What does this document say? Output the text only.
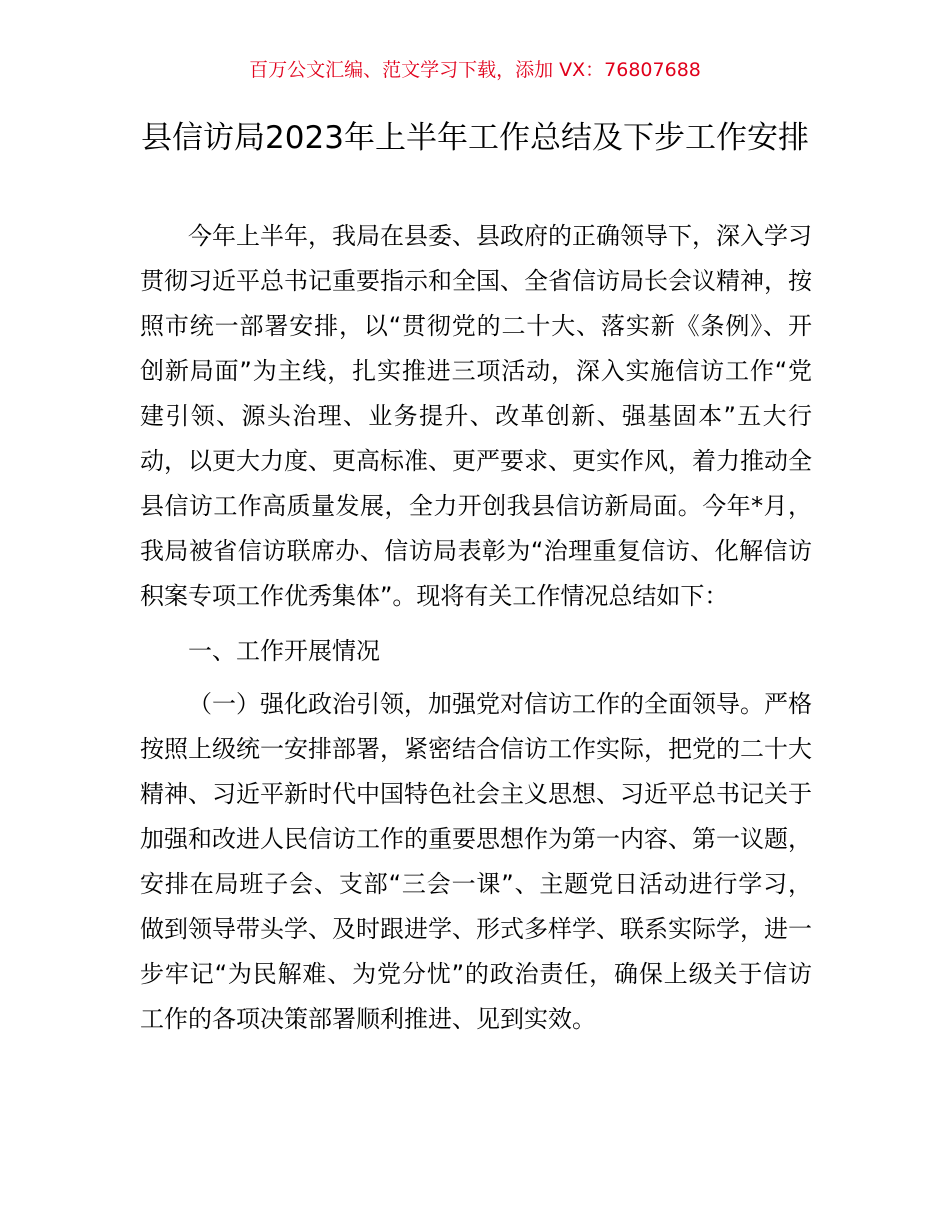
百万公文汇编、范文学习下载，添加 VX：76807688
县信访局2023年上半年工作总结及下步工作安排

今年上半年，我局在县委、县政府的正确领导下，深入学习贯彻习近平总书记重要指示和全国、全省信访局长会议精神，按照市统一部署安排，以“贯彻党的二十大、落实新《条例》、开创新局面”为主线，扎实推进三项活动，深入实施信访工作“党建引领、源头治理、业务提升、改革创新、强基固本”五大行动，以更大力度、更高标准、更严要求、更实作风，着力推动全县信访工作高质量发展，全力开创我县信访新局面。今年*月，我局被省信访联席办、信访局表彰为“治理重复信访、化解信访积案专项工作优秀集体”。现将有关工作情况总结如下：

一、工作开展情况

（一）强化政治引领，加强党对信访工作的全面领导。严格按照上级统一安排部署，紧密结合信访工作实际，把党的二十大精神、习近平新时代中国特色社会主义思想、习近平总书记关于加强和改进人民信访工作的重要思想作为第一内容、第一议题，安排在局班子会、支部“三会一课”、主题党日活动进行学习，做到领导带头学、及时跟进学、形式多样学、联系实际学，进一步牢记“为民解难、为党分忧”的政治责任，确保上级关于信访工作的各项决策部署顺利推进、见到实效。
